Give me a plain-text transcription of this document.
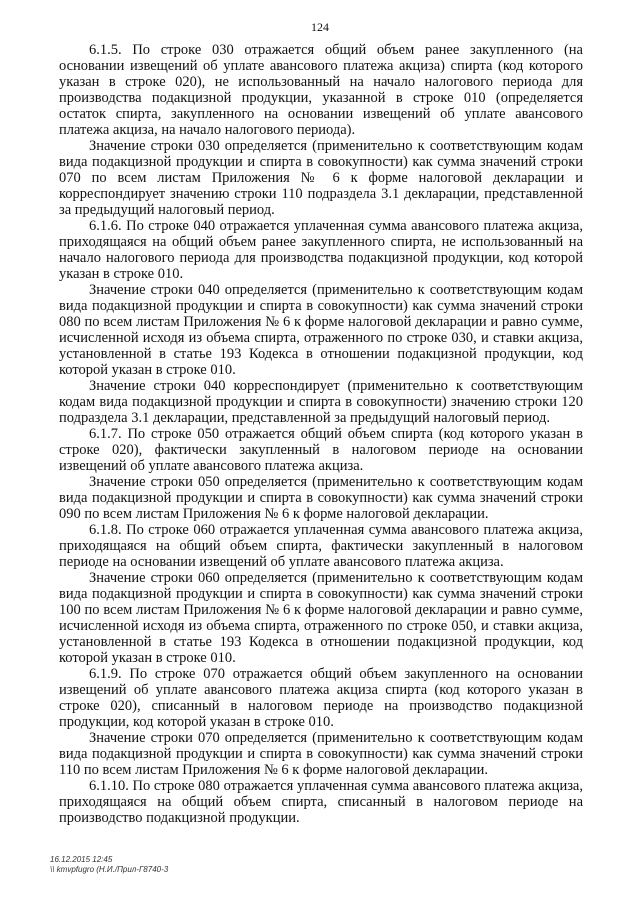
124

6.1.5. По строке 030 отражается общий объем ранее закупленного (на основании извещений об уплате авансового платежа акциза) спирта (код которого указан в строке 020), не использованный на начало налогового периода для производства подакцизной продукции, указанной в строке 010 (определяется остаток спирта, закупленного на основании извещений об уплате авансового платежа акциза, на начало налогового периода).

Значение строки 030 определяется (применительно к соответствующим кодам вида подакцизной продукции и спирта в совокупности) как сумма значений строки 070 по всем листам Приложения № 6 к форме налоговой декларации и корреспондирует значению строки 110 подраздела 3.1 декларации, представленной за предыдущий налоговый период.

6.1.6. По строке 040 отражается уплаченная сумма авансового платежа акциза, приходящаяся на общий объем ранее закупленного спирта, не использованный на начало налогового периода для производства подакцизной продукции, код которой указан в строке 010.

Значение строки 040 определяется (применительно к соответствующим кодам вида подакцизной продукции и спирта в совокупности) как сумма значений строки 080 по всем листам Приложения № 6 к форме налоговой декларации и равно сумме, исчисленной исходя из объема спирта, отраженного по строке 030, и ставки акциза, установленной в статье 193 Кодекса в отношении подакцизной продукции, код которой указан в строке 010.

Значение строки 040 корреспондирует (применительно к соответствующим кодам вида подакцизной продукции и спирта в совокупности) значению строки 120 подраздела 3.1 декларации, представленной за предыдущий налоговый период.

6.1.7. По строке 050 отражается общий объем спирта (код которого указан в строке 020), фактически закупленный в налоговом периоде на основании извещений об уплате авансового платежа акциза.

Значение строки 050 определяется (применительно к соответствующим кодам вида подакцизной продукции и спирта в совокупности) как сумма значений строки 090 по всем листам Приложения № 6 к форме налоговой декларации.

6.1.8. По строке 060 отражается уплаченная сумма авансового платежа акциза, приходящаяся на общий объем спирта, фактически закупленный в налоговом периоде на основании извещений об уплате авансового платежа акциза.

Значение строки 060 определяется (применительно к соответствующим кодам вида подакцизной продукции и спирта в совокупности) как сумма значений строки 100 по всем листам Приложения № 6 к форме налоговой декларации и равно сумме, исчисленной исходя из объема спирта, отраженного по строке 050, и ставки акциза, установленной в статье 193 Кодекса в отношении подакцизной продукции, код которой указан в строке 010.

6.1.9. По строке 070 отражается общий объем закупленного на основании извещений об уплате авансового платежа акциза спирта (код которого указан в строке 020), списанный в налоговом периоде на производство подакцизной продукции, код которой указан в строке 010.

Значение строки 070 определяется (применительно к соответствующим кодам вида подакцизной продукции и спирта в совокупности) как сумма значений строки 110 по всем листам Приложения № 6 к форме налоговой декларации.

6.1.10. По строке 080 отражается уплаченная сумма авансового платежа акциза, приходящаяся на общий объем спирта, списанный в налоговом периоде на производство подакцизной продукции.

16.12.2015 12:45
\\ kmvpfugro (Н.И./Прил-Г8740-3
